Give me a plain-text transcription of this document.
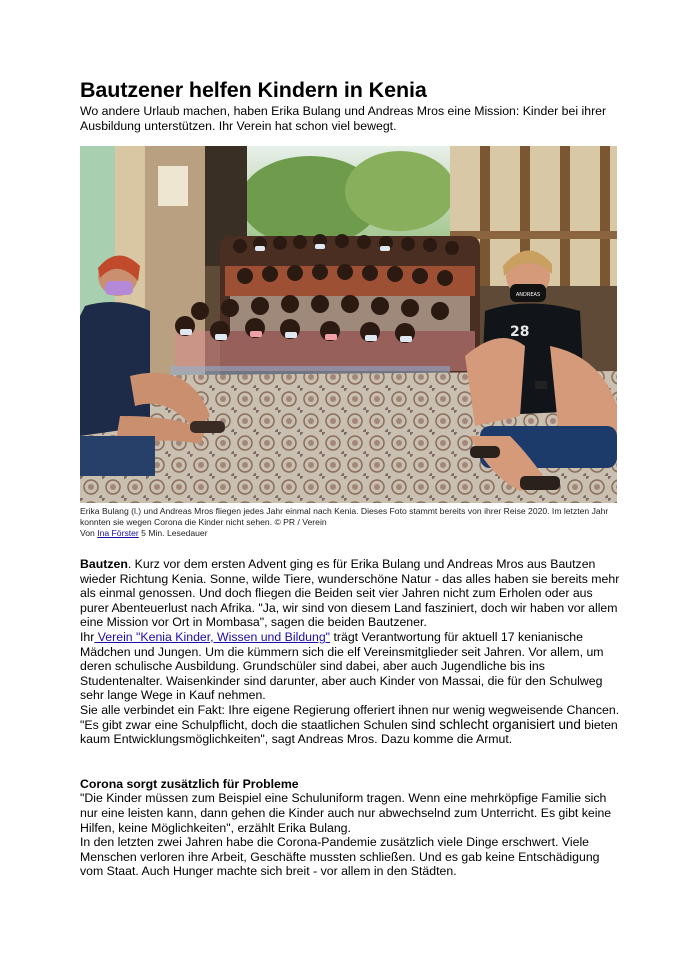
Bautzener helfen Kindern in Kenia

Wo andere Urlaub machen, haben Erika Bulang und Andreas Mros eine Mission: Kinder bei ihrer Ausbildung unterstützen. Ihr Verein hat schon viel bewegt.

ANDREAS
28
Erika Bulang (l.) und Andreas Mros fliegen jedes Jahr einmal nach Kenia. Dieses Foto stammt bereits von ihrer Reise 2020. Im letzten Jahr konnten sie wegen Corona die Kinder nicht sehen. © PR / Verein
Von Ina Förster 5 Min. Lesedauer

Bautzen. Kurz vor dem ersten Advent ging es für Erika Bulang und Andreas Mros aus Bautzen wieder Richtung Kenia. Sonne, wilde Tiere, wunderschöne Natur - das alles haben sie bereits mehr als einmal genossen. Und doch fliegen die Beiden seit vier Jahren nicht zum Erholen oder aus purer Abenteuerlust nach Afrika. "Ja, wir sind von diesem Land fasziniert, doch wir haben vor allem eine Mission vor Ort in Mombasa", sagen die beiden Bautzener.

Ihr Verein "Kenia Kinder, Wissen und Bildung" trägt Verantwortung für aktuell 17 kenianische Mädchen und Jungen. Um die kümmern sich die elf Vereinsmitglieder seit Jahren. Vor allem, um deren schulische Ausbildung. Grundschüler sind dabei, aber auch Jugendliche bis ins Studentenalter. Waisenkinder sind darunter, aber auch Kinder von Massai, die für den Schulweg sehr lange Wege in Kauf nehmen.

Sie alle verbindet ein Fakt: Ihre eigene Regierung offeriert ihnen nur wenig wegweisende Chancen.

"Es gibt zwar eine Schulpflicht, doch die staatlichen Schulen sind schlecht organisiert und bieten kaum Entwicklungsmöglichkeiten", sagt Andreas Mros. Dazu komme die Armut.

Corona sorgt zusätzlich für Probleme

"Die Kinder müssen zum Beispiel eine Schuluniform tragen. Wenn eine mehrköpfige Familie sich nur eine leisten kann, dann gehen die Kinder auch nur abwechselnd zum Unterricht. Es gibt keine Hilfen, keine Möglichkeiten", erzählt Erika Bulang.

In den letzten zwei Jahren habe die Corona-Pandemie zusätzlich viele Dinge erschwert. Viele Menschen verloren ihre Arbeit, Geschäfte mussten schließen. Und es gab keine Entschädigung vom Staat. Auch Hunger machte sich breit - vor allem in den Städten.
